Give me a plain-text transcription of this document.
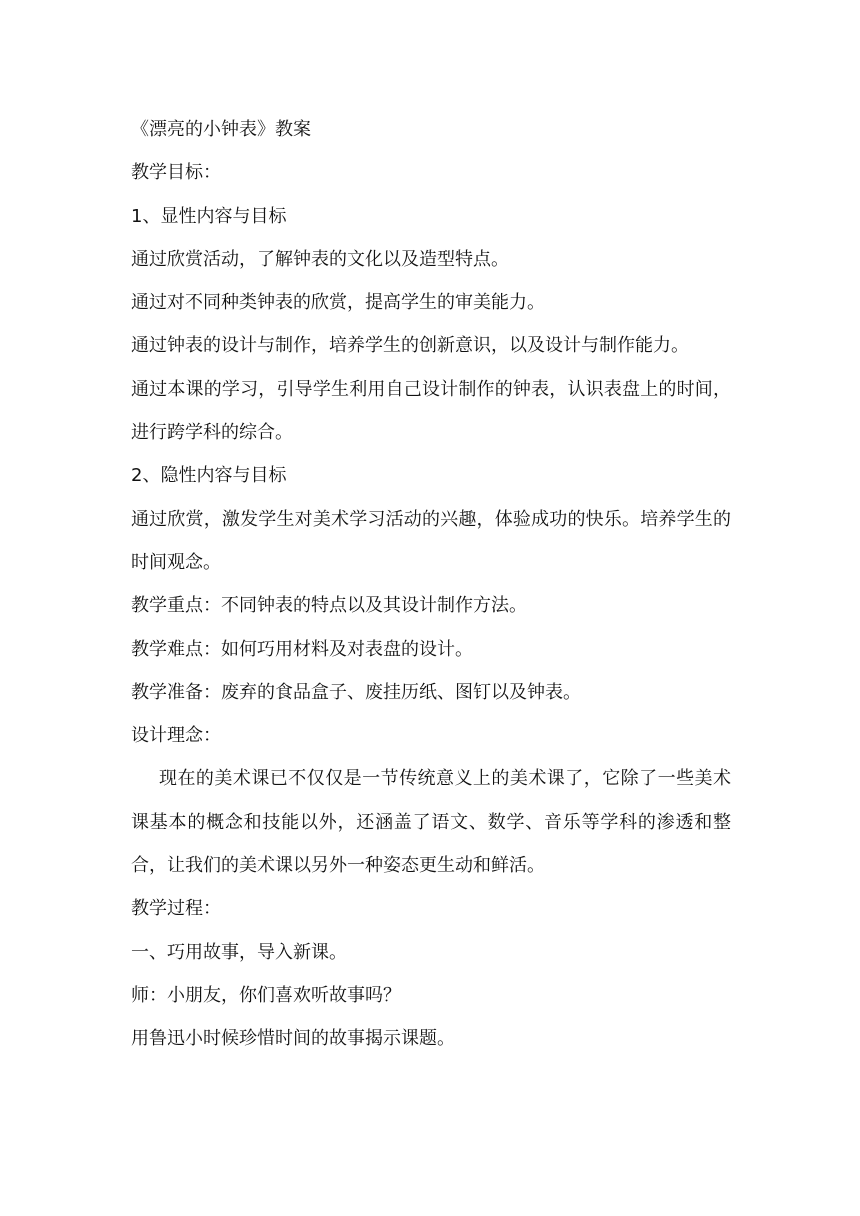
《漂亮的小钟表》教案

教学目标：

1、显性内容与目标

通过欣赏活动，了解钟表的文化以及造型特点。

通过对不同种类钟表的欣赏，提高学生的审美能力。

通过钟表的设计与制作，培养学生的创新意识，以及设计与制作能力。

通过本课的学习，引导学生利用自己设计制作的钟表，认识表盘上的时间，进行跨学科的综合。

2、隐性内容与目标

通过欣赏，激发学生对美术学习活动的兴趣，体验成功的快乐。培养学生的时间观念。

教学重点：不同钟表的特点以及其设计制作方法。

教学难点：如何巧用材料及对表盘的设计。

教学准备：废弃的食品盒子、废挂历纸、图钉以及钟表。

设计理念：

现在的美术课已不仅仅是一节传统意义上的美术课了，它除了一些美术课基本的概念和技能以外，还涵盖了语文、数学、音乐等学科的渗透和整合，让我们的美术课以另外一种姿态更生动和鲜活。

教学过程：

一、巧用故事，导入新课。

师：小朋友，你们喜欢听故事吗？

用鲁迅小时候珍惜时间的故事揭示课题。
